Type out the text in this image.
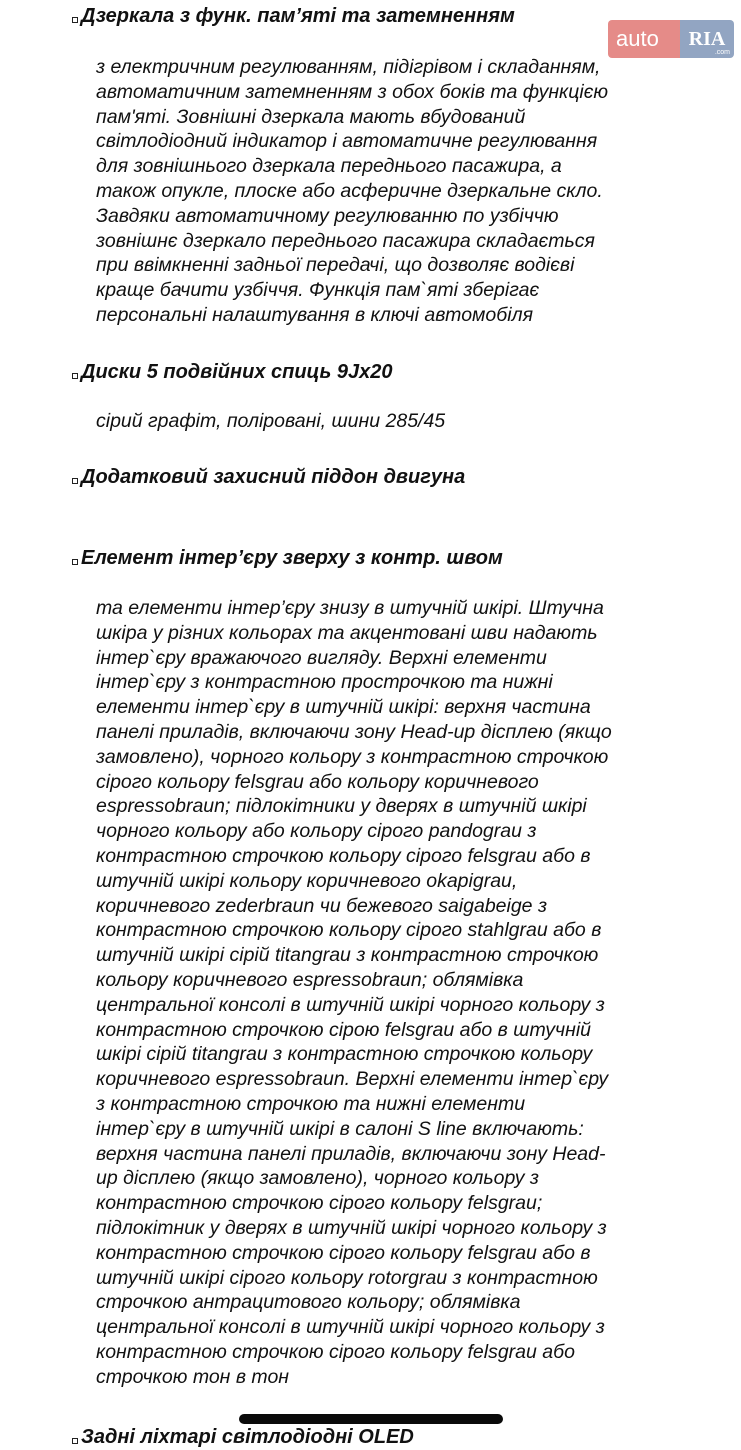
auto	RIA
.com
Дзеркала з функ. пам’яті та затемненням
з електричним регулюванням, підігрівом і складанням,
автоматичним затемненням з обох боків та функцією
пам'яті. Зовнішні дзеркала мають вбудований
світлодіодний індикатор і автоматичне регулювання
для зовнішнього дзеркала переднього пасажира, а
також опукле, плоске або асферичне дзеркальне скло.
Завдяки автоматичному регулюванню по узбіччю
зовнішнє дзеркало переднього пасажира складається
при ввімкненні задньої передачі, що дозволяє водієві
краще бачити узбіччя. Функція пам`яті зберігає
персональні налаштування в ключі автомобіля
Диски 5 подвійних спиць 9Jx20
сірий графіт, поліровані, шини 285/45
Додатковий захисний піддон двигуна
Елемент інтер’єру зверху з контр. швом
та елементи інтер’єру знизу в штучній шкірі. Штучна
шкіра у різних кольорах та акцентовані шви надають
інтер`єру вражаючого вигляду. Верхні елементи
інтер`єру з контрастною прострочкою та нижні
елементи інтер`єру в штучній шкірі: верхня частина
панелі приладів, включаючи зону Head-up дісплею (якщо
замовлено), чорного кольору з контрастною строчкою
сірого кольору felsgrau або кольору коричневого
espressobraun; підлокітники у дверях в штучній шкірі
чорного кольору або кольору сірого pandograu з
контрастною строчкою кольору сірого felsgrau або в
штучній шкірі кольору коричневого okapigrau,
коричневого zederbraun чи бежевого saigabeige з
контрастною строчкою кольору сірого stahlgrau або в
штучній шкірі сірій titangrau з контрастною строчкою
кольору коричневого espressobraun; облямівка
центральної консолі в штучній шкірі чорного кольору з
контрастною строчкою сірою felsgrau або в штучній
шкірі сірій titangrau з контрастною строчкою кольору
коричневого espressobraun. Верхні елементи інтер`єру
з контрастною строчкою та нижні елементи
інтер`єру в штучній шкірі в салоні S line включають:
верхня частина панелі приладів, включаючи зону Head-
up дісплею (якщо замовлено), чорного кольору з
контрастною строчкою сірого кольору felsgrau;
підлокітник у дверях в штучній шкірі чорного кольору з
контрастною строчкою сірого кольору felsgrau або в
штучній шкірі сірого кольору rotorgrau з контрастною
строчкою антрацитового кольору; облямівка
центральної консолі в штучній шкірі чорного кольору з
контрастною строчкою сірого кольору felsgrau або
строчкою тон в тон
Задні ліхтарі світлодіодні OLED
